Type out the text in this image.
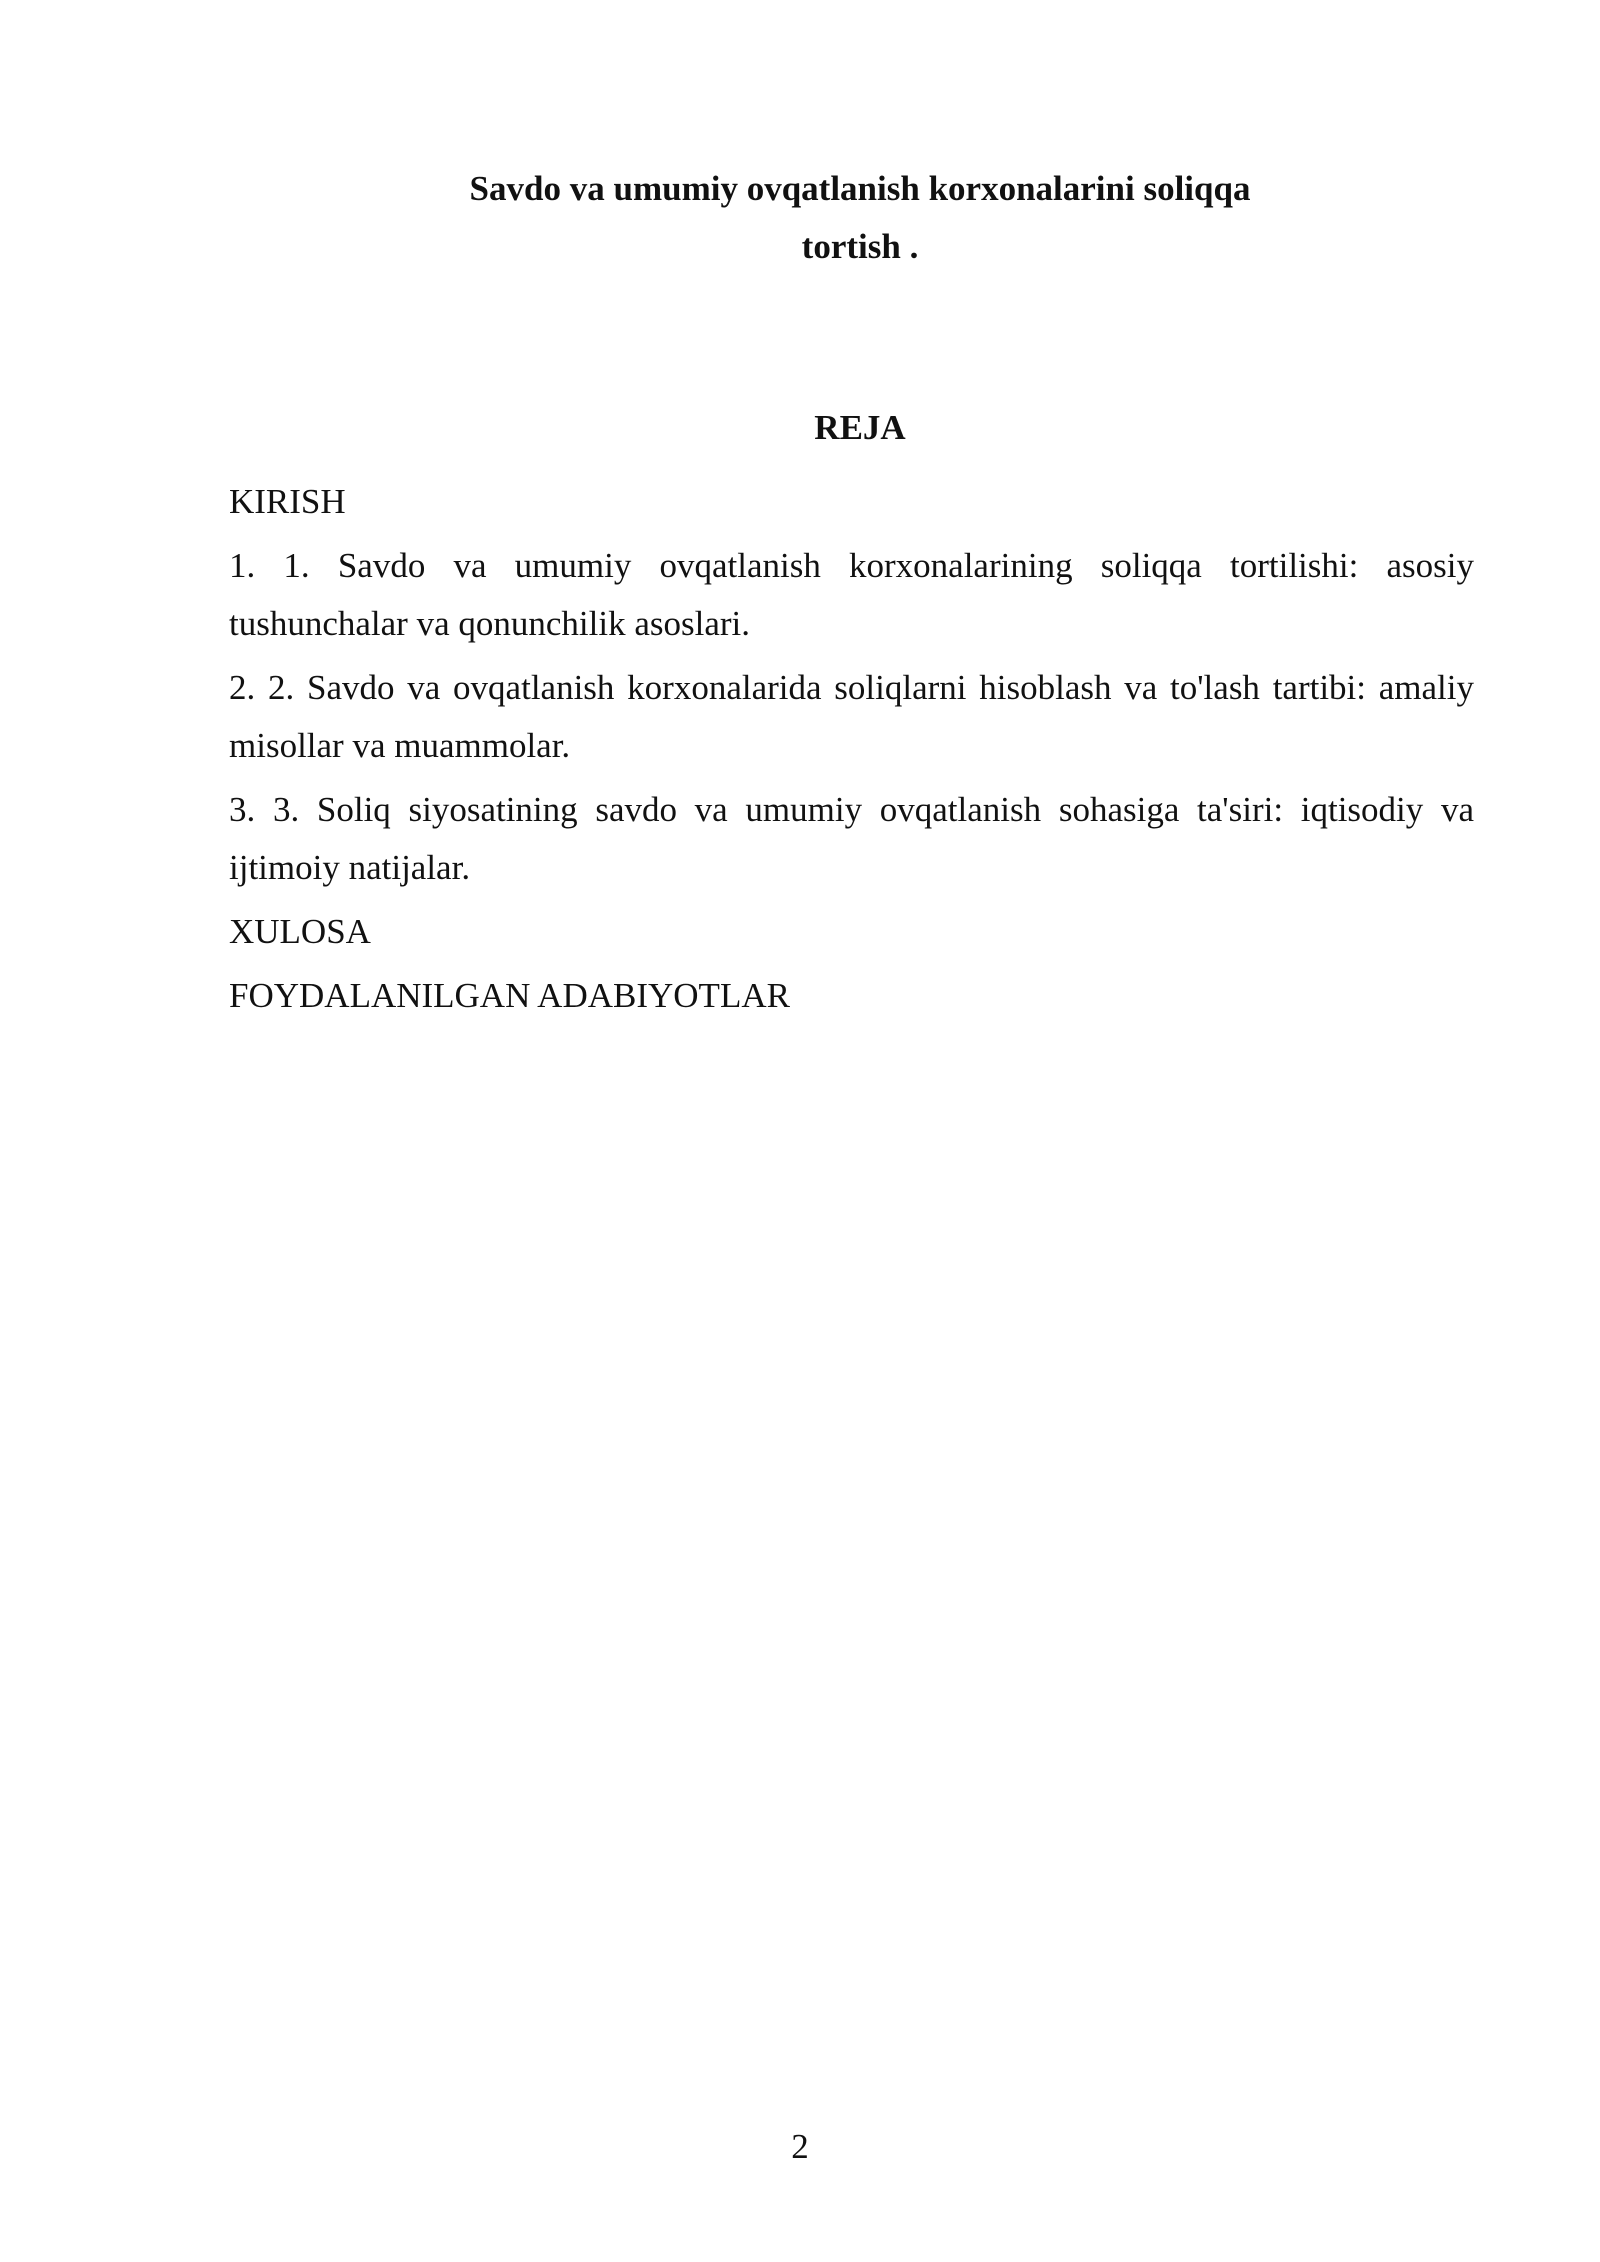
Savdo va umumiy ovqatlanish korxonalarini soliqqa
tortish .
REJA
KIRISH
1. 1. Savdo va umumiy ovqatlanish korxonalarining soliqqa tortilishi: asosiy tushunchalar va qonunchilik asoslari.
2. 2. Savdo va ovqatlanish korxonalarida soliqlarni hisoblash va to'lash tartibi: amaliy misollar va muammolar.
3. 3. Soliq siyosatining savdo va umumiy ovqatlanish sohasiga ta'siri: iqtisodiy va ijtimoiy natijalar.
XULOSA
FOYDALANILGAN ADABIYOTLAR
2
